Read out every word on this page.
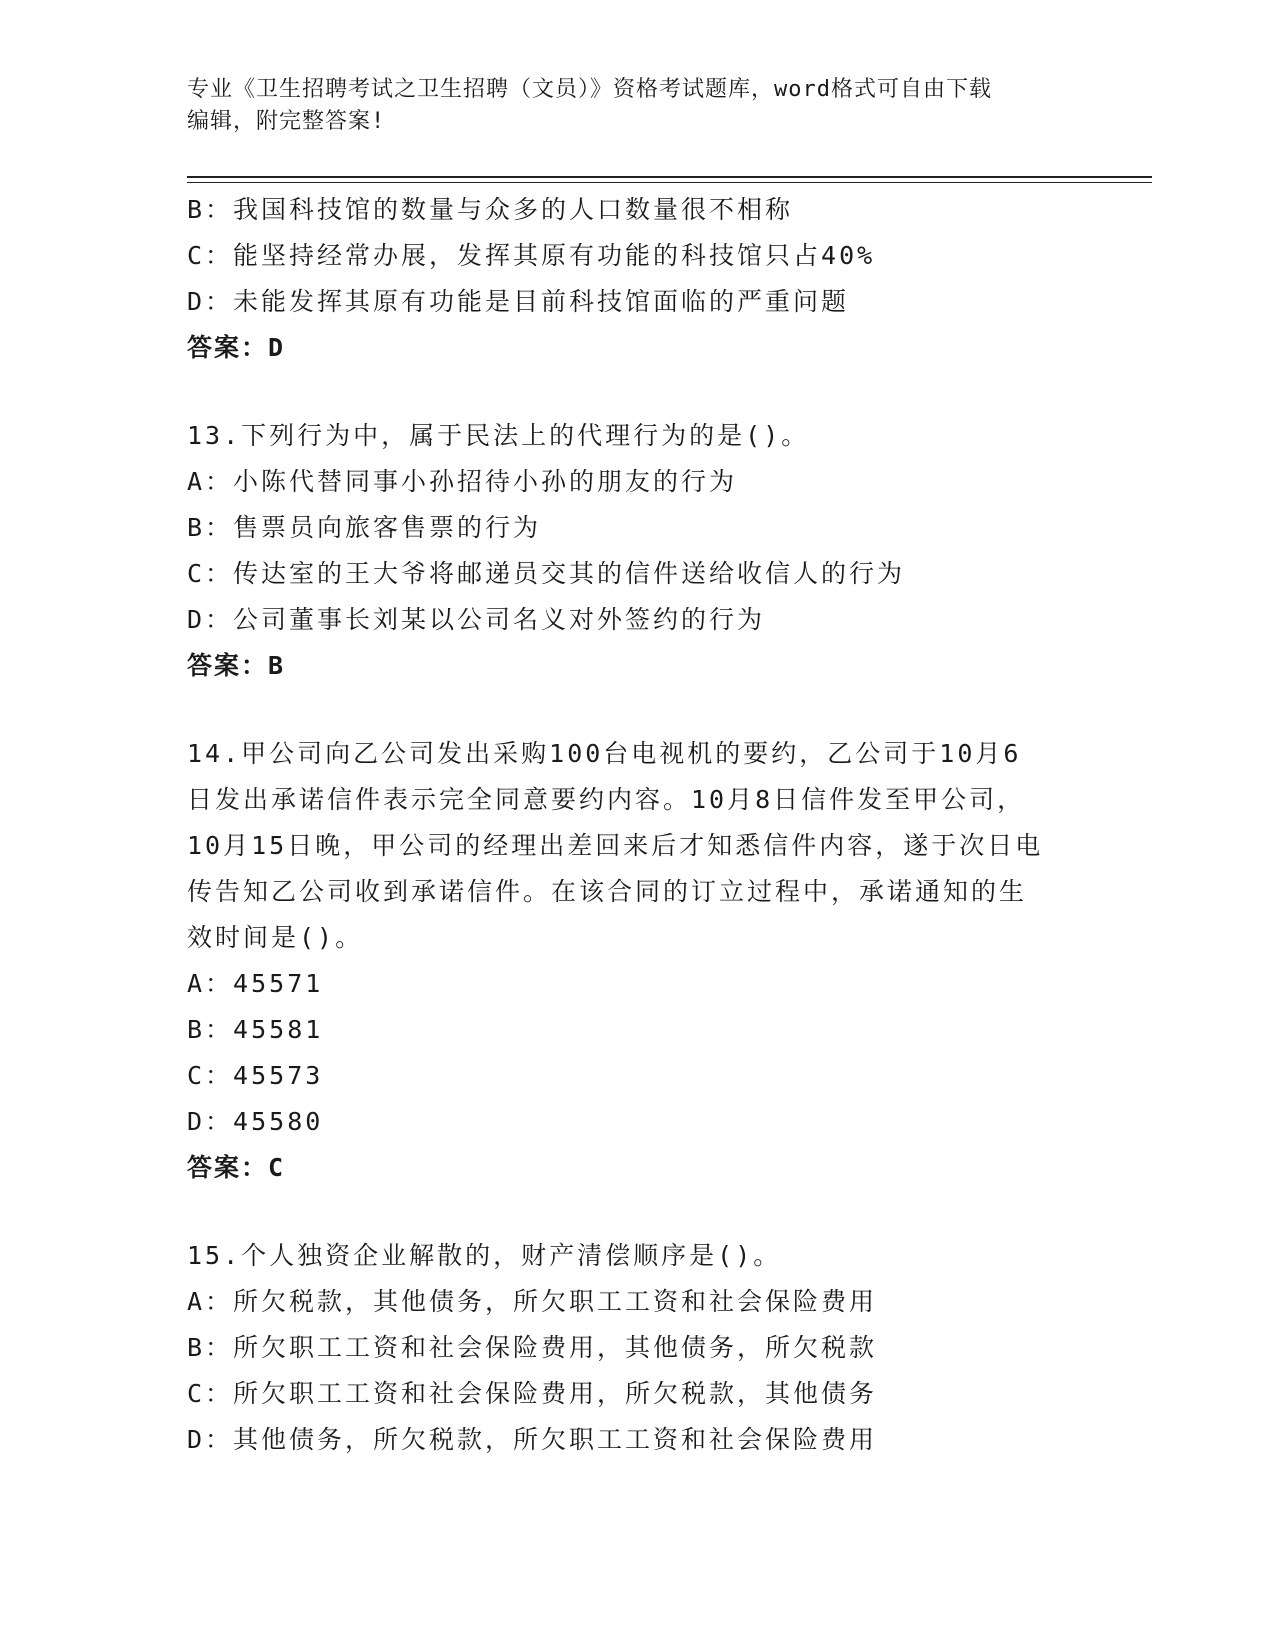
专业《卫生招聘考试之卫生招聘（文员）》资格考试题库，word格式可自由下载
编辑，附完整答案!
B：我国科技馆的数量与众多的人口数量很不相称
C：能坚持经常办展，发挥其原有功能的科技馆只占40%
D：未能发挥其原有功能是目前科技馆面临的严重问题
答案：D
13.下列行为中，属于民法上的代理行为的是()。
A：小陈代替同事小孙招待小孙的朋友的行为
B：售票员向旅客售票的行为
C：传达室的王大爷将邮递员交其的信件送给收信人的行为
D：公司董事长刘某以公司名义对外签约的行为
答案：B
14.甲公司向乙公司发出采购100台电视机的要约，乙公司于10月6
日发出承诺信件表示完全同意要约内容。10月8日信件发至甲公司，
10月15日晚，甲公司的经理出差回来后才知悉信件内容，遂于次日电
传告知乙公司收到承诺信件。在该合同的订立过程中，承诺通知的生
效时间是()。
A：45571
B：45581
C：45573
D：45580
答案：C
15.个人独资企业解散的，财产清偿顺序是()。
A：所欠税款，其他债务，所欠职工工资和社会保险费用
B：所欠职工工资和社会保险费用，其他债务，所欠税款
C：所欠职工工资和社会保险费用，所欠税款，其他债务
D：其他债务，所欠税款，所欠职工工资和社会保险费用
